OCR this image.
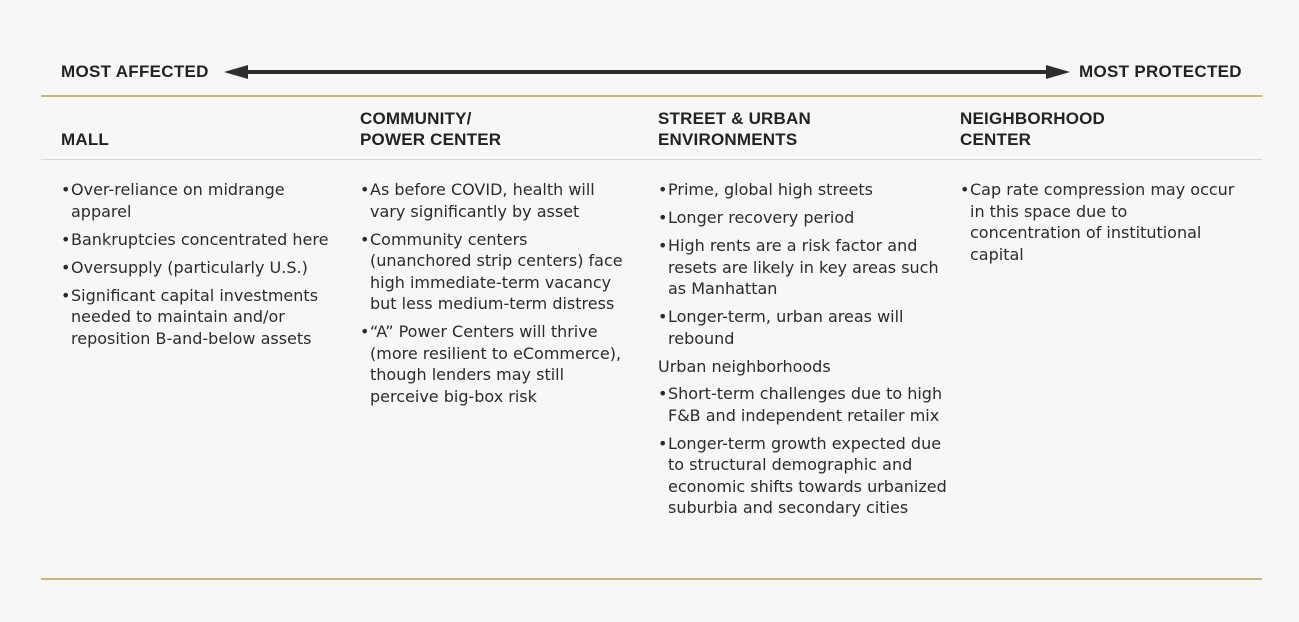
MOST AFFECTED	MOST PROTECTED
MALL
COMMUNITY/
POWER CENTER
STREET & URBAN
ENVIRONMENTS
NEIGHBORHOOD
CENTER
• Over-reliance on midrange apparel
• Bankruptcies concentrated here
• Oversupply (particularly U.S.)
• Significant capital investments needed to maintain and/or reposition B-and-below assets
• As before COVID, health will vary significantly by asset
• Community centers (unanchored strip centers) face high immediate-term vacancy but less medium-term distress
• “A” Power Centers will thrive (more resilient to eCommerce), though lenders may still perceive big-box risk
• Prime, global high streets
• Longer recovery period
• High rents are a risk factor and resets are likely in key areas such as Manhattan
• Longer-term, urban areas will rebound
Urban neighborhoods
• Short-term challenges due to high F&B and independent retailer mix
• Longer-term growth expected due to structural demographic and economic shifts towards urbanized suburbia and secondary cities
• Cap rate compression may occur in this space due to concentration of institutional capital
